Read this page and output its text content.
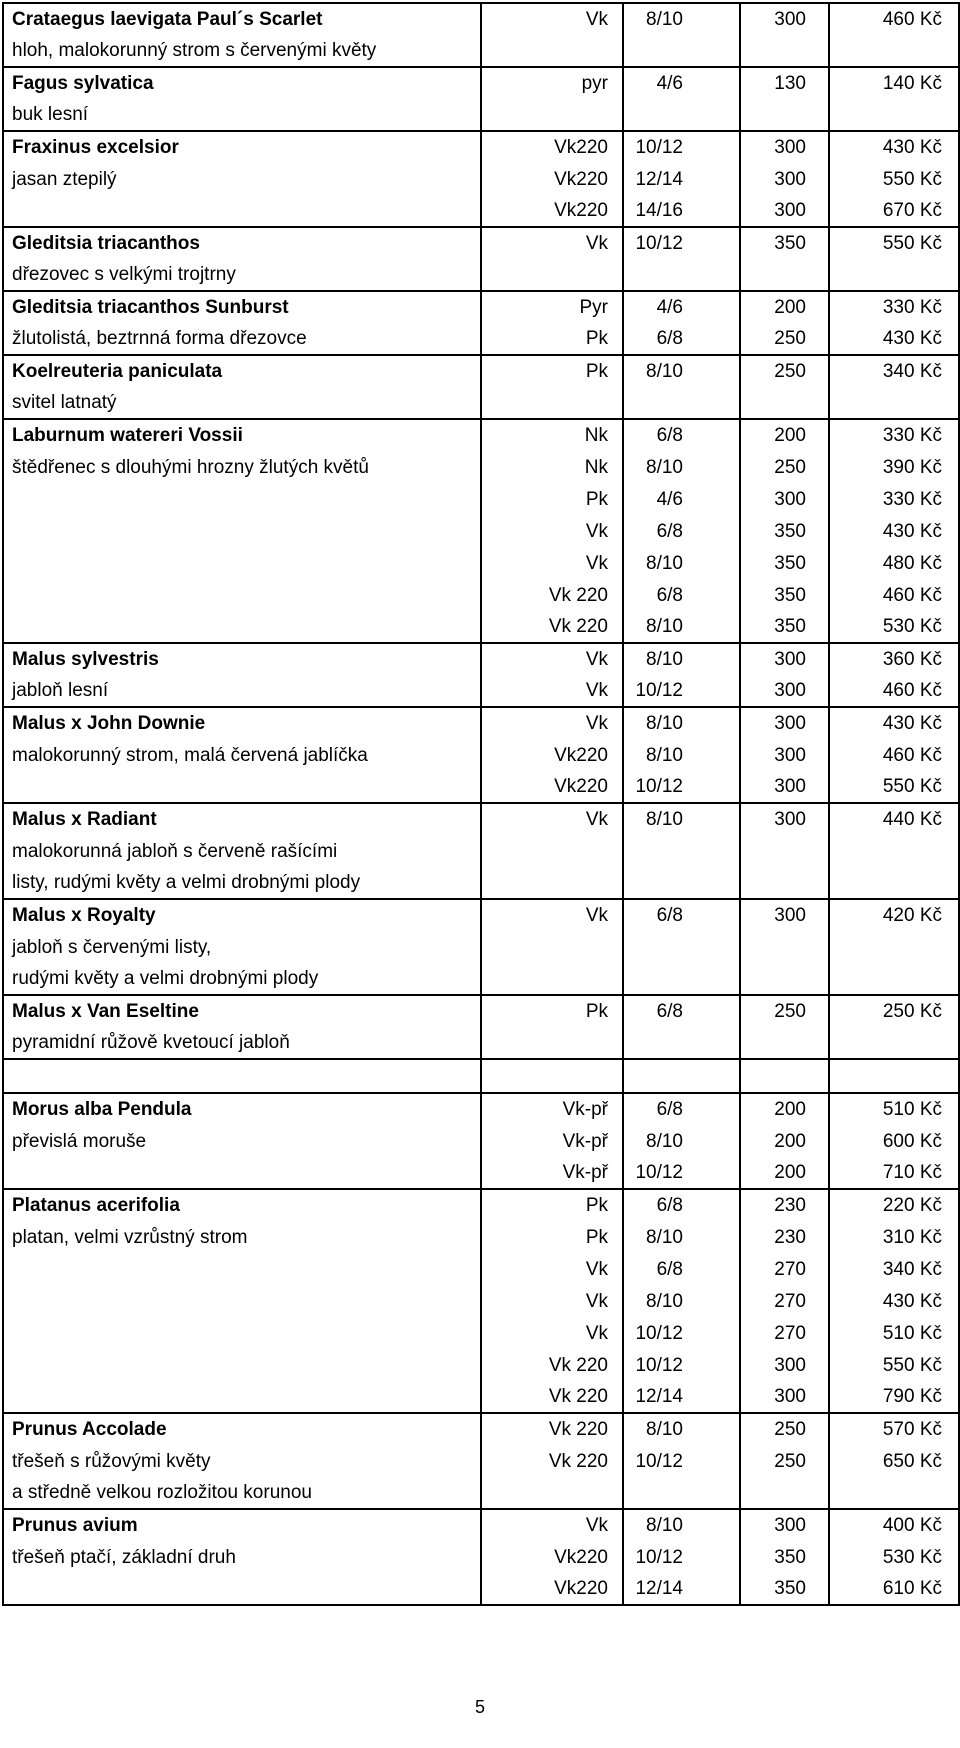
Crataegus laevigata Paul´s Scarlet	Vk	8/10	300	460 Kč
hloh, malokorunný strom s červenými květy				
Fagus sylvatica	pyr	4/6	130	140 Kč
buk lesní				
Fraxinus excelsior	Vk220	10/12	300	430 Kč
jasan ztepilý	Vk220	12/14	300	550 Kč
	Vk220	14/16	300	670 Kč
Gleditsia triacanthos	Vk	10/12	350	550 Kč
dřezovec s velkými trojtrny				
Gleditsia triacanthos Sunburst	Pyr	4/6	200	330 Kč
žlutolistá, beztrnná forma dřezovce	Pk	6/8	250	430 Kč
Koelreuteria paniculata	Pk	8/10	250	340 Kč
svitel latnatý				
Laburnum watereri Vossii	Nk	6/8	200	330 Kč
štědřenec s dlouhými hrozny žlutých květů	Nk	8/10	250	390 Kč
	Pk	4/6	300	330 Kč
	Vk	6/8	350	430 Kč
	Vk	8/10	350	480 Kč
	Vk 220	6/8	350	460 Kč
	Vk 220	8/10	350	530 Kč
Malus sylvestris	Vk	8/10	300	360 Kč
jabloň lesní	Vk	10/12	300	460 Kč
Malus x John Downie	Vk	8/10	300	430 Kč
malokorunný strom, malá červená jablíčka	Vk220	8/10	300	460 Kč
	Vk220	10/12	300	550 Kč
Malus x Radiant	Vk	8/10	300	440 Kč
malokorunná jabloň s červeně rašícími				
listy, rudými květy a velmi drobnými plody				
Malus x Royalty	Vk	6/8	300	420 Kč
jabloň s červenými listy,				
rudými květy a velmi drobnými plody				
Malus x Van Eseltine	Pk	6/8	250	250 Kč
pyramidní růžově kvetoucí jabloň				

Morus alba Pendula	Vk-př	6/8	200	510 Kč
převislá moruše	Vk-př	8/10	200	600 Kč
	Vk-př	10/12	200	710 Kč
Platanus acerifolia	Pk	6/8	230	220 Kč
platan, velmi vzrůstný strom	Pk	8/10	230	310 Kč
	Vk	6/8	270	340 Kč
	Vk	8/10	270	430 Kč
	Vk	10/12	270	510 Kč
	Vk 220	10/12	300	550 Kč
	Vk 220	12/14	300	790 Kč
Prunus Accolade	Vk 220	8/10	250	570 Kč
třešeň s růžovými květy	Vk 220	10/12	250	650 Kč
a středně velkou rozložitou korunou				
Prunus avium	Vk	8/10	300	400 Kč
třešeň ptačí, základní druh	Vk220	10/12	350	530 Kč
	Vk220	12/14	350	610 Kč
5
